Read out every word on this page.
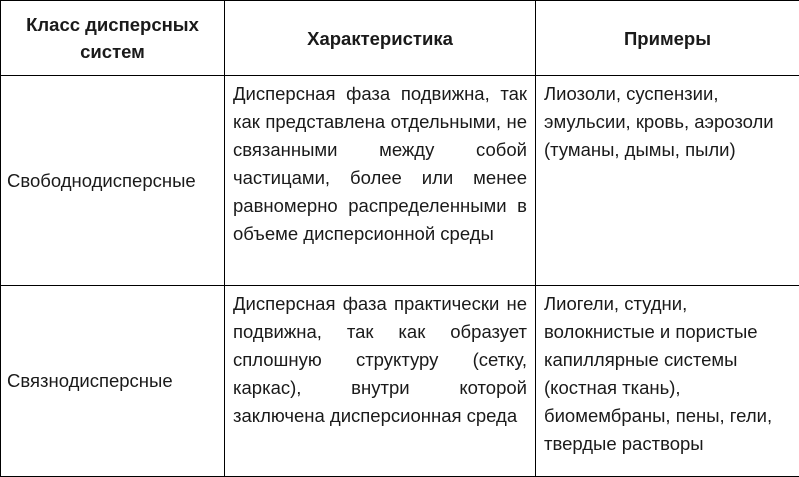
Класс дисперсных систем	Характеристика	Примеры
Свободнодисперсные	Дисперсная фаза подвижна, так как представлена отдельными, не связанными между собой частицами, более или менее равномерно распределенными в объеме дисперсионной среды	Лиозоли, суспензии, эмульсии, кровь, аэрозоли (туманы, дымы, пыли)
Связнодисперсные	Дисперсная фаза практически не подвижна, так как образует сплошную структуру (сетку, каркас), внутри которой заключена дисперсионная среда	Лиогели, студни, волокнистые и пористые капиллярные системы (костная ткань), биомембраны, пены, гели, твердые растворы
